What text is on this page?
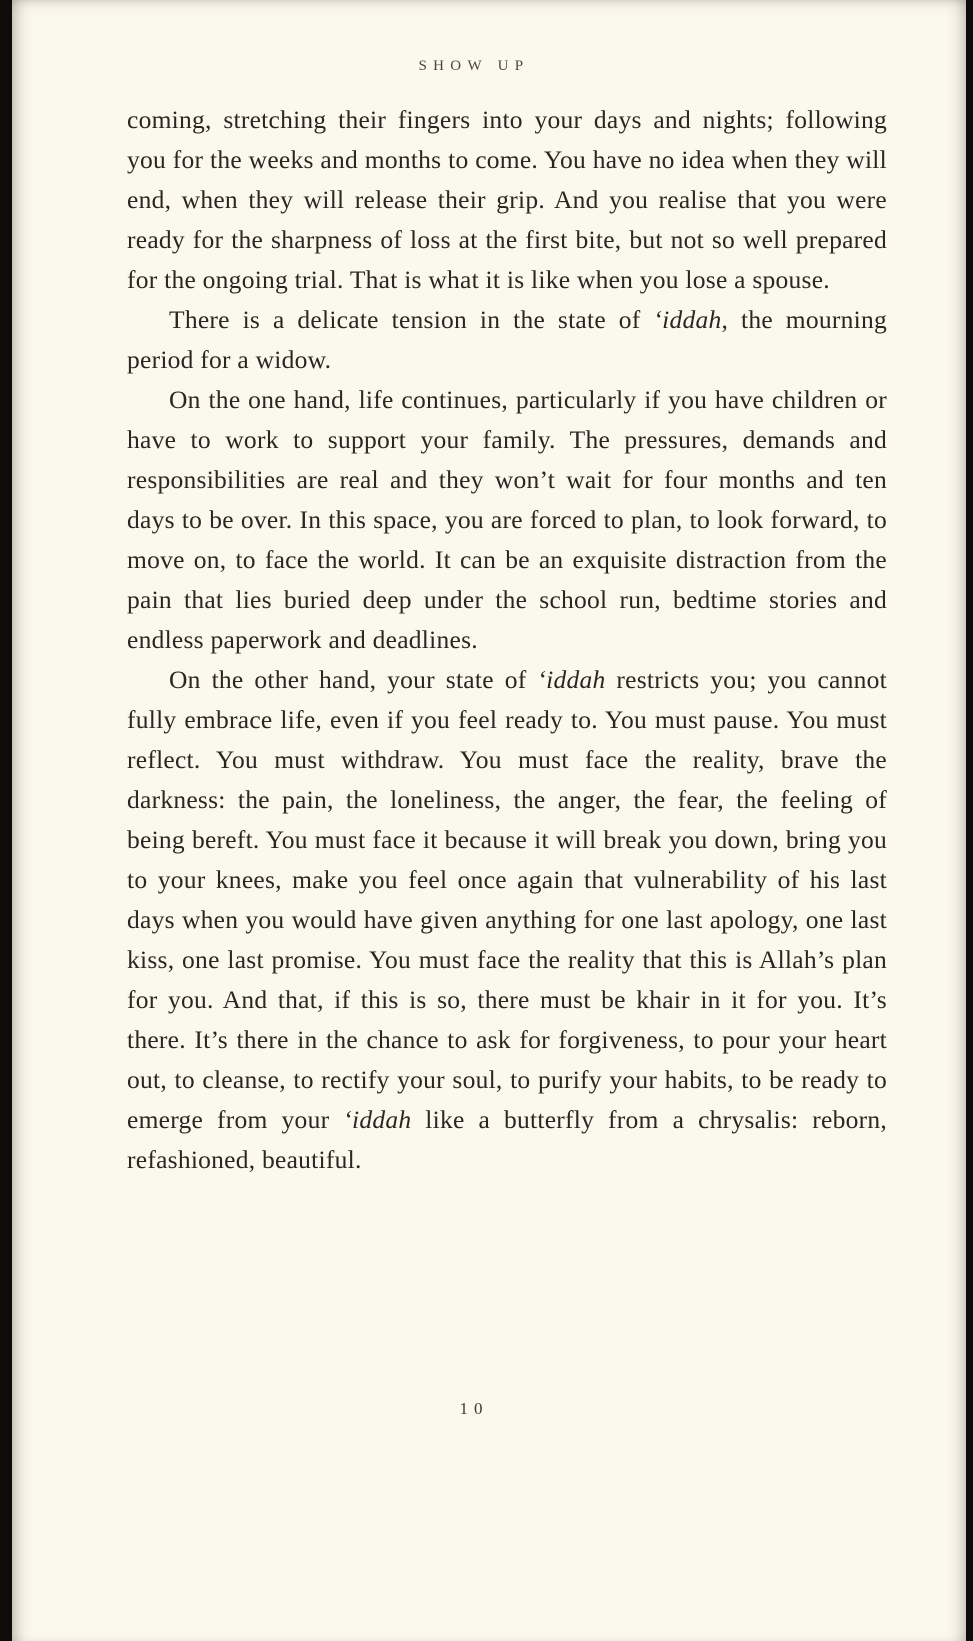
SHOW UP

coming, stretching their fingers into your days and nights; following you for the weeks and months to come. You have no idea when they will end, when they will release their grip. And you realise that you were ready for the sharpness of loss at the first bite, but not so well prepared for the ongoing trial. That is what it is like when you lose a spouse.

There is a delicate tension in the state of ‘iddah, the mourning period for a widow.

On the one hand, life continues, particularly if you have children or have to work to support your family. The pressures, demands and responsibilities are real and they won’t wait for four months and ten days to be over. In this space, you are forced to plan, to look forward, to move on, to face the world. It can be an exquisite distraction from the pain that lies buried deep under the school run, bedtime stories and endless paperwork and deadlines.

On the other hand, your state of ‘iddah restricts you; you cannot fully embrace life, even if you feel ready to. You must pause. You must reflect. You must withdraw. You must face the reality, brave the darkness: the pain, the loneliness, the anger, the fear, the feeling of being bereft. You must face it because it will break you down, bring you to your knees, make you feel once again that vulnerability of his last days when you would have given anything for one last apology, one last kiss, one last promise. You must face the reality that this is Allah’s plan for you. And that, if this is so, there must be khair in it for you. It’s there. It’s there in the chance to ask for forgiveness, to pour your heart out, to cleanse, to rectify your soul, to purify your habits, to be ready to emerge from your ‘iddah like a butterfly from a chrysalis: reborn, refashioned, beautiful.

10
